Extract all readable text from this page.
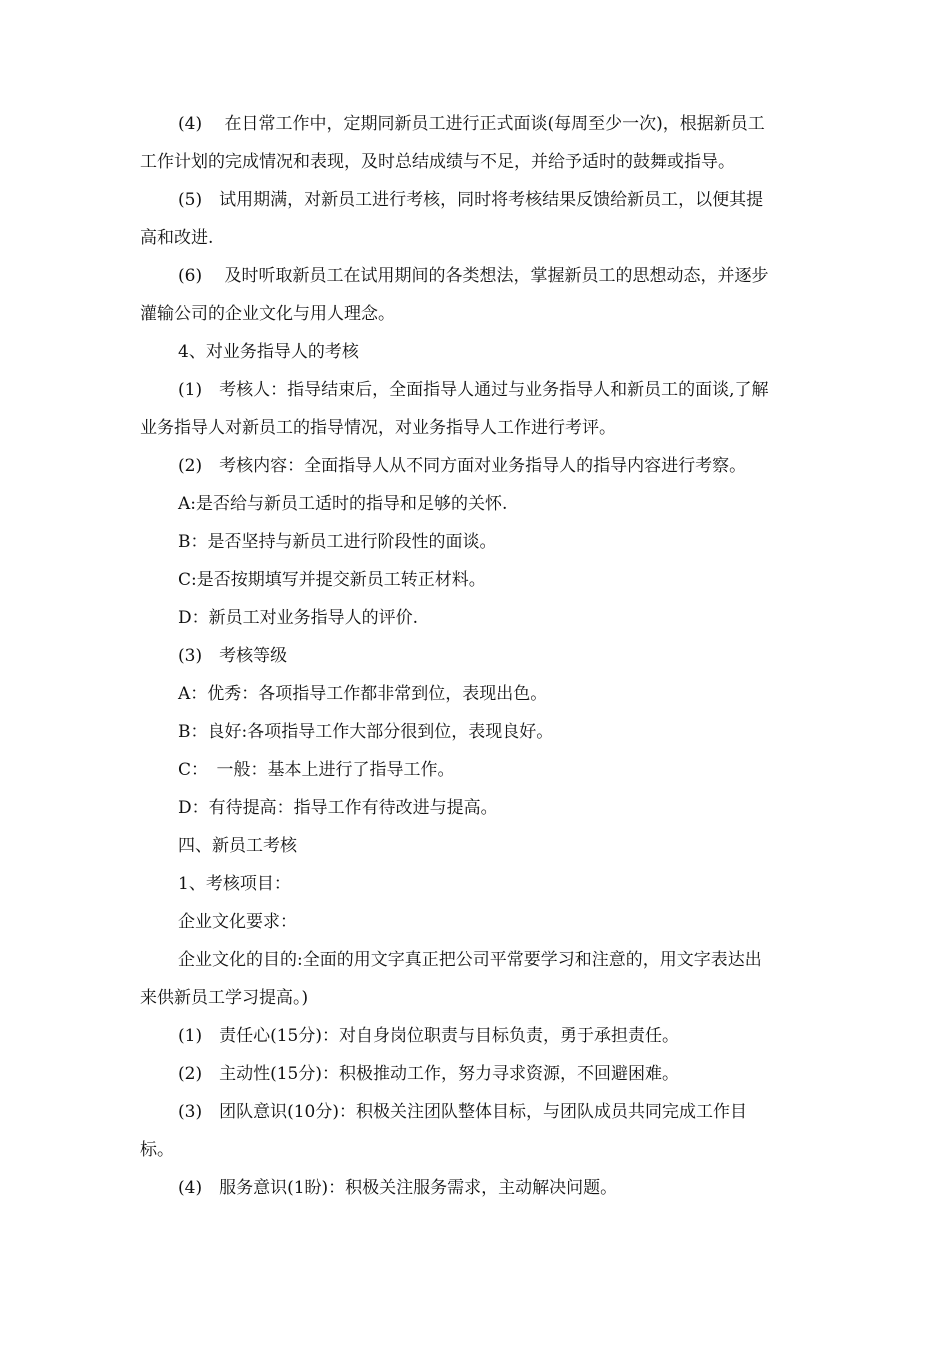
(4)　 在日常工作中，定期同新员工进行正式面谈(每周至少一次)，根据新员工
工作计划的完成情况和表现，及时总结成绩与不足，并给予适时的鼓舞或指导。
(5)　试用期满，对新员工进行考核，同时将考核结果反馈给新员工，以便其提
高和改进.
(6)　 及时听取新员工在试用期间的各类想法，掌握新员工的思想动态，并逐步
灌输公司的企业文化与用人理念。
4、对业务指导人的考核
(1)　考核人：指导结束后，全面指导人通过与业务指导人和新员工的面谈,了解
业务指导人对新员工的指导情况，对业务指导人工作进行考评。
(2)　考核内容：全面指导人从不同方面对业务指导人的指导内容进行考察。
A:是否给与新员工适时的指导和足够的关怀.
B：是否坚持与新员工进行阶段性的面谈。
C:是否按期填写并提交新员工转正材料。
D：新员工对业务指导人的评价.
(3)　考核等级
A：优秀：各项指导工作都非常到位，表现出色。
B：良好:各项指导工作大部分很到位，表现良好。
C：　一般：基本上进行了指导工作。
D：有待提高：指导工作有待改进与提高。
四、新员工考核
1、考核项目：
企业文化要求：
企业文化的目的:全面的用文字真正把公司平常要学习和注意的，用文字表达出
来供新员工学习提高。)
(1)　责任心(15分)：对自身岗位职责与目标负责，勇于承担责任。
(2)　主动性(15分)：积极推动工作，努力寻求资源，不回避困难。
(3)　团队意识(10分)：积极关注团队整体目标，与团队成员共同完成工作目
标。
(4)　服务意识(1盼)：积极关注服务需求，主动解决问题。
